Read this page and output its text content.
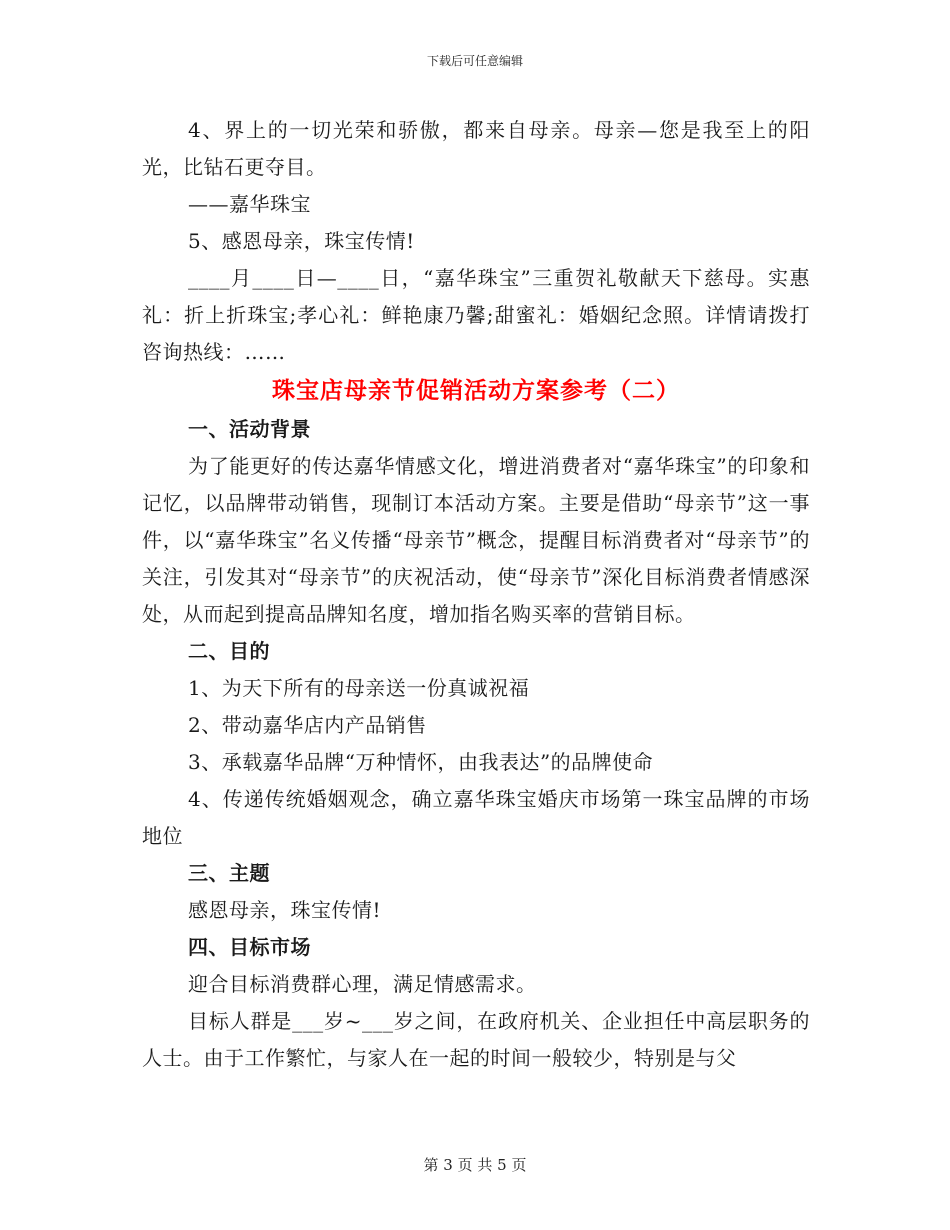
下载后可任意编辑

4、界上的一切光荣和骄傲，都来自母亲。母亲—您是我至上的阳光，比钻石更夺目。

——嘉华珠宝

5、感恩母亲，珠宝传情!

____月____日—____日，“嘉华珠宝”三重贺礼敬献天下慈母。实惠礼：折上折珠宝;孝心礼：鲜艳康乃馨;甜蜜礼：婚姻纪念照。详情请拨打咨询热线：……

珠宝店母亲节促销活动方案参考（二）

一、活动背景

为了能更好的传达嘉华情感文化，增进消费者对“嘉华珠宝”的印象和记忆，以品牌带动销售，现制订本活动方案。主要是借助“母亲节”这一事件，以“嘉华珠宝”名义传播“母亲节”概念，提醒目标消费者对“母亲节”的关注，引发其对“母亲节”的庆祝活动，使“母亲节”深化目标消费者情感深处，从而起到提高品牌知名度，增加指名购买率的营销目标。

二、目的

1、为天下所有的母亲送一份真诚祝福

2、带动嘉华店内产品销售

3、承载嘉华品牌“万种情怀，由我表达”的品牌使命

4、传递传统婚姻观念，确立嘉华珠宝婚庆市场第一珠宝品牌的市场地位

三、主题

感恩母亲，珠宝传情!

四、目标市场

迎合目标消费群心理，满足情感需求。

目标人群是___岁~___岁之间，在政府机关、企业担任中高层职务的人士。由于工作繁忙，与家人在一起的时间一般较少，特别是与父

第 3 页 共 5 页
